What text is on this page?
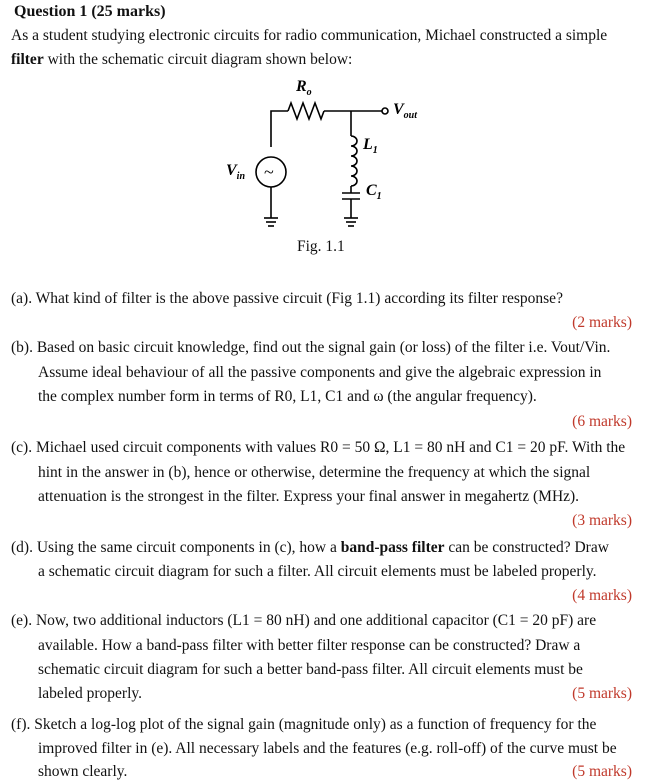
Question 1 (25 marks)
As a student studying electronic circuits for radio communication, Michael constructed a simple
filter with the schematic circuit diagram shown below:
~
$R_o$
$V_{out}$
$L_1$
$C_1$
$V_{in}$
Fig. 1.1
(a). What kind of filter is the above passive circuit (Fig 1.1) according its filter response?
(2 marks)
(b). Based on basic circuit knowledge, find out the signal gain (or loss) of the filter i.e. Vout/Vin.
Assume ideal behaviour of all the passive components and give the algebraic expression in
the complex number form in terms of R0, L1, C1 and ω (the angular frequency).
(6 marks)
(c). Michael used circuit components with values R0 = 50 Ω, L1 = 80 nH and C1 = 20 pF. With the
hint in the answer in (b), hence or otherwise, determine the frequency at which the signal
attenuation is the strongest in the filter. Express your final answer in megahertz (MHz).
(3 marks)
(d). Using the same circuit components in (c), how a band-pass filter can be constructed? Draw
a schematic circuit diagram for such a filter. All circuit elements must be labeled properly.
(4 marks)
(e). Now, two additional inductors (L1 = 80 nH) and one additional capacitor (C1 = 20 pF) are
available. How a band-pass filter with better filter response can be constructed? Draw a
schematic circuit diagram for such a better band-pass filter. All circuit elements must be
labeled properly.	(5 marks)
(f). Sketch a log-log plot of the signal gain (magnitude only) as a function of frequency for the
improved filter in (e). All necessary labels and the features (e.g. roll-off) of the curve must be
shown clearly.	(5 marks)
